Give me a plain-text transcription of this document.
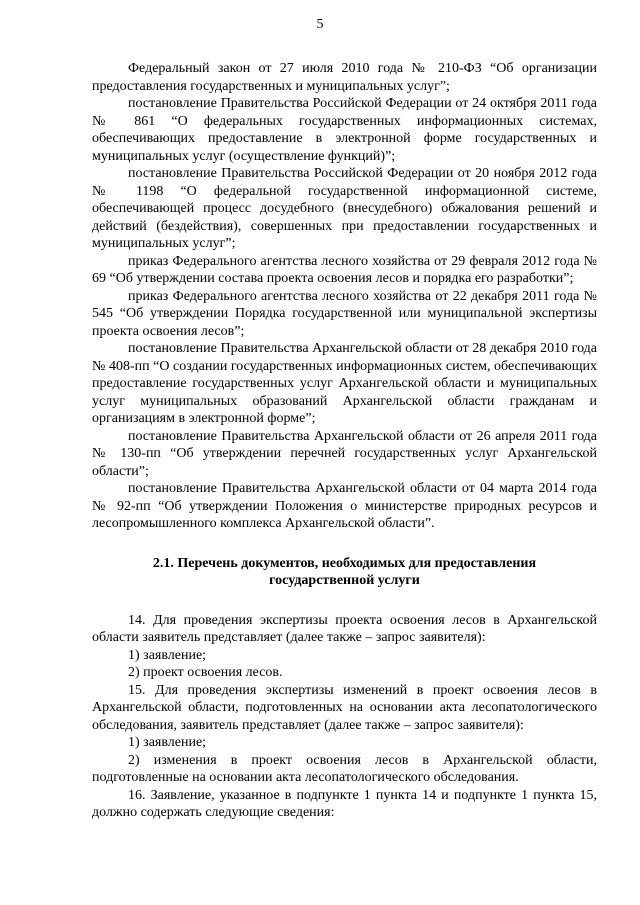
5

Федеральный закон от 27 июля 2010 года № 210-ФЗ “Об организации предоставления государственных и муниципальных услуг”;

постановление Правительства Российской Федерации от 24 октября 2011 года № 861 “О федеральных государственных информационных системах, обеспечивающих предоставление в электронной форме государственных и муниципальных услуг (осуществление функций)”;

постановление Правительства Российской Федерации от 20 ноября 2012 года № 1198 “О федеральной государственной информационной системе, обеспечивающей процесс досудебного (внесудебного) обжалования решений и действий (бездействия), совершенных при предоставлении государственных и муниципальных услуг”;

приказ Федерального агентства лесного хозяйства от 29 февраля 2012 года № 69 “Об утверждении состава проекта освоения лесов и порядка его разработки”;

приказ Федерального агентства лесного хозяйства от 22 декабря 2011 года № 545 “Об утверждении Порядка государственной или муниципальной экспертизы проекта освоения лесов”;

постановление Правительства Архангельской области от 28 декабря 2010 года № 408-пп “О создании государственных информационных систем, обеспечивающих предоставление государственных услуг Архангельской области и муниципальных услуг муниципальных образований Архангельской области гражданам и организациям в электронной форме”;

постановление Правительства Архангельской области от 26 апреля 2011 года № 130-пп “Об утверждении перечней государственных услуг Архангельской области”;

постановление Правительства Архангельской области от 04 марта 2014 года № 92-пп “Об утверждении Положения о министерстве природных ресурсов и лесопромышленного комплекса Архангельской области”.

2.1. Перечень документов, необходимых для предоставления
государственной услуги

14. Для проведения экспертизы проекта освоения лесов в Архангельской области заявитель представляет (далее также – запрос заявителя):

1) заявление;

2) проект освоения лесов.

15. Для проведения экспертизы изменений в проект освоения лесов в Архангельской области, подготовленных на основании акта лесопатологического обследования, заявитель представляет (далее также – запрос заявителя):

1) заявление;

2) изменения в проект освоения лесов в Архангельской области, подготовленные на основании акта лесопатологического обследования.

16. Заявление, указанное в подпункте 1 пункта 14 и подпункте 1 пункта 15, должно содержать следующие сведения:
